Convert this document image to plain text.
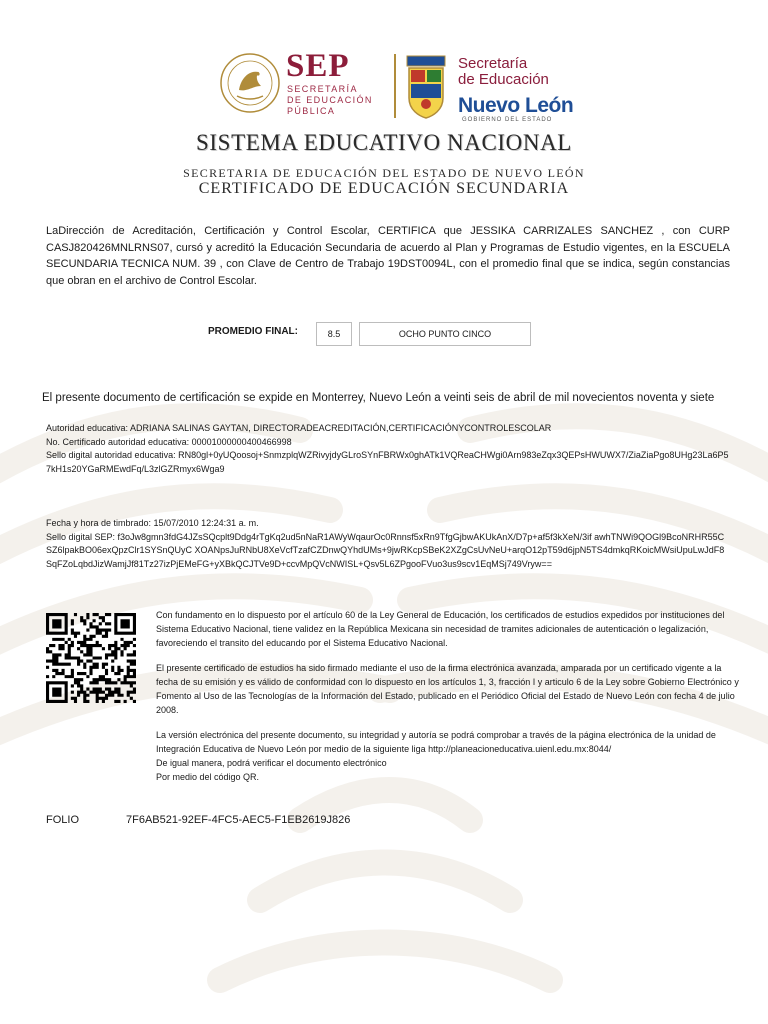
SEP
SECRETARÍA
DE EDUCACIÓN
PÚBLICA
Secretaría
de Educación
Nuevo León
GOBIERNO DEL ESTADO
SISTEMA EDUCATIVO NACIONAL
SECRETARIA DE EDUCACIÓN DEL ESTADO DE NUEVO LEÓN
CERTIFICADO DE EDUCACIÓN SECUNDARIA
LaDirección de Acreditación, Certificación y Control Escolar, CERTIFICA que JESSIKA CARRIZALES SANCHEZ , con CURP CASJ820426MNLRNS07, cursó y acreditó la Educación Secundaria de acuerdo al Plan y Programas de Estudio vigentes, en la ESCUELA SECUNDARIA TECNICA NUM. 39 , con Clave de Centro de Trabajo 19DST0094L, con el promedio final que se indica, según constancias que obran en el archivo de Control Escolar.
PROMEDIO FINAL:	8.5	OCHO PUNTO CINCO
El presente documento de certificación se expide en Monterrey, Nuevo León a veinti seis de abril de mil novecientos noventa y siete
Autoridad educativa: ADRIANA SALINAS GAYTAN, DIRECTORADEACREDITACIÓN,CERTIFICACIÓNYCONTROLESCOLAR
No. Certificado autoridad educativa: 00001000000400466998
Sello digital autoridad educativa: RN80gl+0yUQoosoj+SnmzplqWZRivyjdyGLroSYnFBRWx0ghATk1VQReaCHWgi0Arn983eZqx3QEPsHWUWX7/ZiaZiaPgo8UHg23La6P57kH1s20YGaRMEwdFq/L3zlGZRmyx6Wga9
Fecha y hora de timbrado: 15/07/2010 12:24:31 a. m.
Sello digital SEP: f3oJw8gmn3fdG4JZsSQcplt9Ddg4rTgKq2ud5nNaR1AWyWqaurOc0Rnnsf5xRn9TfgGjbwAKUkAnX/D7p+af5f3kXeN/3if awhTNWi9QOGl9BcoNRHR55CSZ6lpakBO06exQpzClr1SYSnQUyC XOANpsJuRNbU8XeVcfTzafCZDnwQYhdUMs+9jwRKcpSBeK2XZgCsUvNeU+arqO12pT59d6jpN5TS4dmkqRKoicMWsiUpuLwJdF8SqFZoLqbdJizWamjJf81Tz27izPjEMeFG+yXBkQCJTVe9D+ccvMpQVcNWISL+Qsv5L6ZPgooFVuo3us9scv1EqMSj749Vryw==

Con fundamento en lo dispuesto por el artículo 60 de la Ley General de Educación, los certificados de estudios expedidos por instituciones del Sistema Educativo Nacional, tiene validez en la República Mexicana sin necesidad de tramites adicionales de autenticación o legalización, favoreciendo el transito del educando por el Sistema Educativo Nacional.

El presente certificado de estudios ha sido firmado mediante el uso de la firma electrónica avanzada, amparada por un certificado vigente a la fecha de su emisión y es válido de conformidad con lo dispuesto en los artículos 1, 3, fracción I y articulo 6 de la Ley sobre Gobierno Electrónico y Fomento al Uso de las Tecnologías de la Información del Estado, publicado en el Periódico Oficial del Estado de Nuevo León con fecha 4 de julio 2008.

La versión electrónica del presente documento, su integridad y autoría se podrá comprobar a través de la página electrónica de la unidad de Integración Educativa de Nuevo León por medio de la siguiente liga http://planeacioneducativa.uienl.edu.mx:8044/
De igual manera, podrá verificar el documento electrónico
Por medio del código QR.
FOLIO	7F6AB521-92EF-4FC5-AEC5-F1EB2619J826
